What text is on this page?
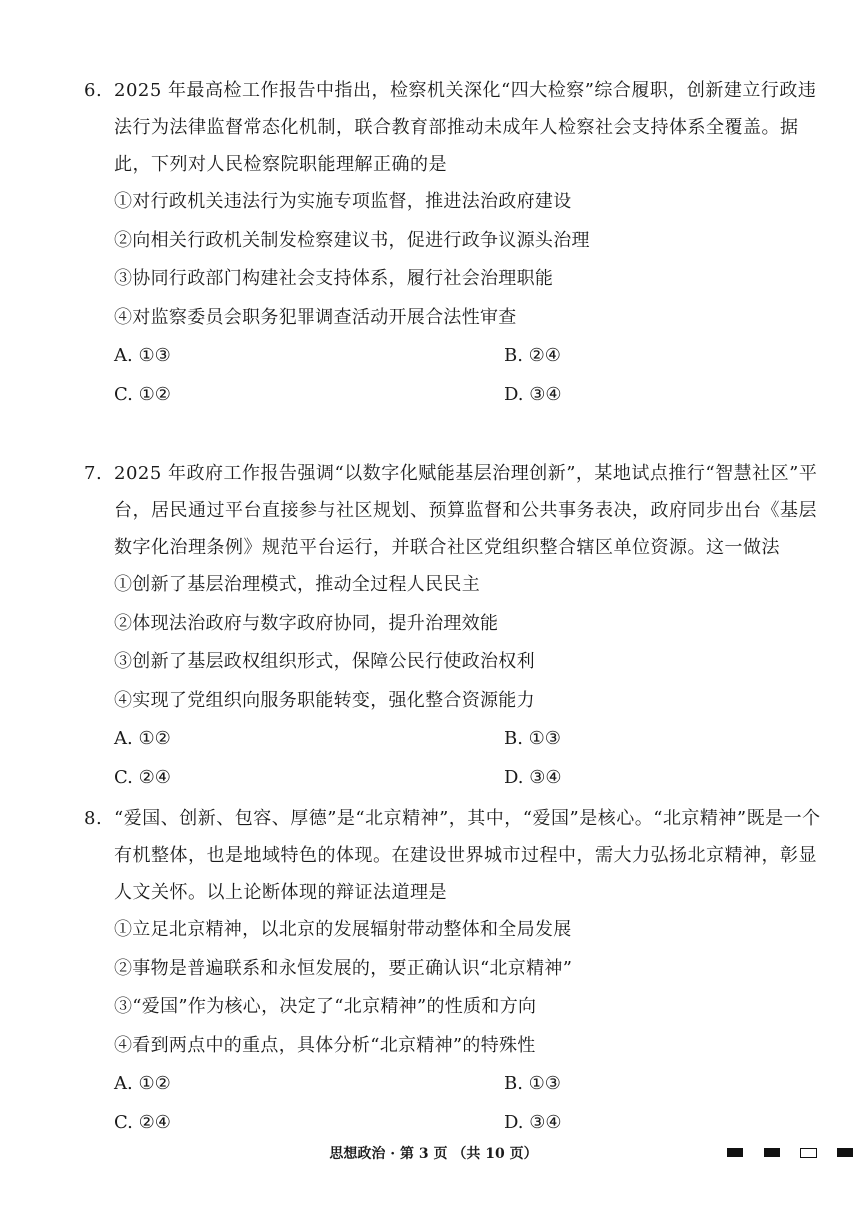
6. 2025 年最高检工作报告中指出，检察机关深化“四大检察”综合履职，创新建立行政违法行为法律监督常态化机制，联合教育部推动未成年人检察社会支持体系全覆盖。据此，下列对人民检察院职能理解正确的是
①对行政机关违法行为实施专项监督，推进法治政府建设
②向相关行政机关制发检察建议书，促进行政争议源头治理
③协同行政部门构建社会支持体系，履行社会治理职能
④对监察委员会职务犯罪调查活动开展合法性审查
A. ①③	B. ②④
C. ①②	D. ③④
7. 2025 年政府工作报告强调“以数字化赋能基层治理创新”，某地试点推行“智慧社区”平台，居民通过平台直接参与社区规划、预算监督和公共事务表决，政府同步出台《基层数字化治理条例》规范平台运行，并联合社区党组织整合辖区单位资源。这一做法
①创新了基层治理模式，推动全过程人民民主
②体现法治政府与数字政府协同，提升治理效能
③创新了基层政权组织形式，保障公民行使政治权利
④实现了党组织向服务职能转变，强化整合资源能力
A. ①②	B. ①③
C. ②④	D. ③④
8. “爱国、创新、包容、厚德”是“北京精神”，其中，“爱国”是核心。“北京精神”既是一个有机整体，也是地域特色的体现。在建设世界城市过程中，需大力弘扬北京精神，彰显人文关怀。以上论断体现的辩证法道理是
①立足北京精神，以北京的发展辐射带动整体和全局发展
②事物是普遍联系和永恒发展的，要正确认识“北京精神”
③“爱国”作为核心，决定了“北京精神”的性质和方向
④看到两点中的重点，具体分析“北京精神”的特殊性
A. ①②	B. ①③
C. ②④	D. ③④
思想政治 · 第 3 页 （共 10 页）
